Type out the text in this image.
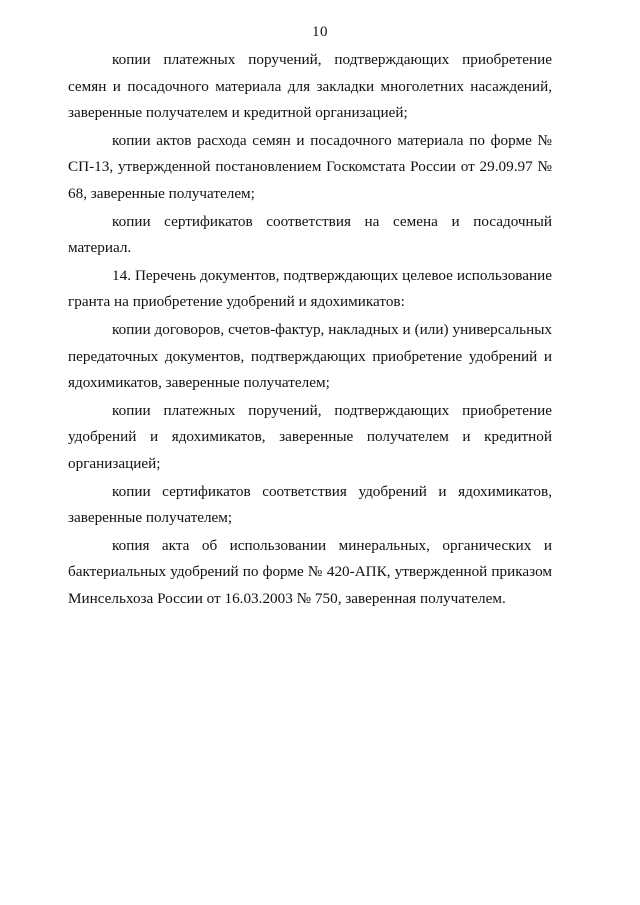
10

копии платежных поручений, подтверждающих приобретение семян и посадочного материала для закладки многолетних насаждений, заверенные получателем и кредитной организацией;

копии актов расхода семян и посадочного материала по форме № СП-13, утвержденной постановлением Госкомстата России от 29.09.97 № 68, заверенные получателем;

копии сертификатов соответствия на семена и посадочный материал.

14. Перечень документов, подтверждающих целевое использование гранта на приобретение удобрений и ядохимикатов:

копии договоров, счетов-фактур, накладных и (или) универсальных передаточных документов, подтверждающих приобретение удобрений и ядохимикатов, заверенные получателем;

копии платежных поручений, подтверждающих приобретение удобрений и ядохимикатов, заверенные получателем и кредитной организацией;

копии сертификатов соответствия удобрений и ядохимикатов, заверенные получателем;

копия акта об использовании минеральных, органических и бактериальных удобрений по форме № 420-АПК, утвержденной приказом Минсельхоза России от 16.03.2003 № 750, заверенная получателем.
